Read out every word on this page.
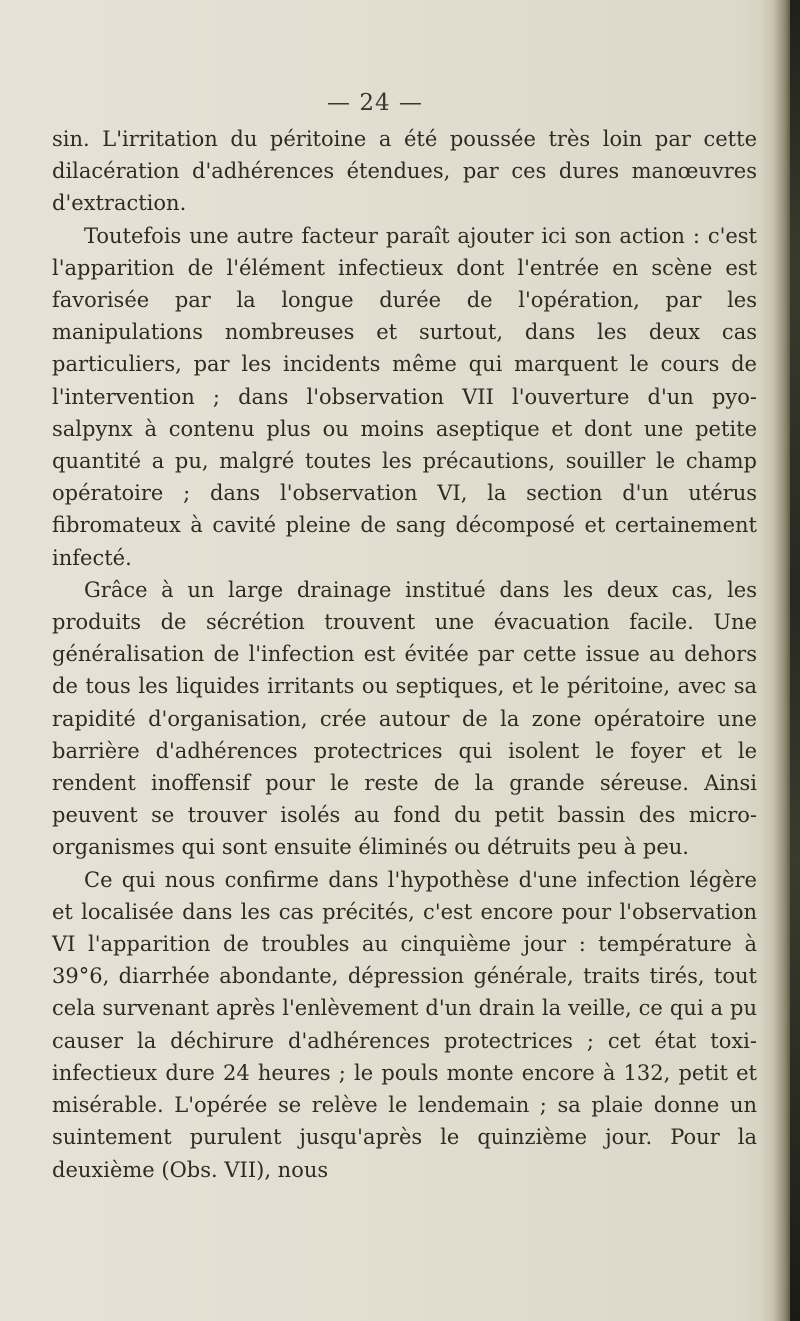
— 24 —

sin. L'irritation du péritoine a été poussée très loin par cette dilacération d'adhérences étendues, par ces dures manœuvres d'extraction.

Toutefois une autre facteur paraît ajouter ici son action : c'est l'apparition de l'élément infectieux dont l'entrée en scène est favorisée par la longue durée de l'opération, par les manipulations nombreuses et surtout, dans les deux cas particuliers, par les incidents même qui marquent le cours de l'intervention ; dans l'observation VII l'ouverture d'un pyo-salpynx à contenu plus ou moins aseptique et dont une petite quantité a pu, malgré toutes les précautions, souiller le champ opératoire ; dans l'observation VI, la section d'un utérus fibromateux à cavité pleine de sang décomposé et certainement infecté.

Grâce à un large drainage institué dans les deux cas, les produits de sécrétion trouvent une évacuation facile. Une généralisation de l'infection est évitée par cette issue au dehors de tous les liquides irritants ou septiques, et le péritoine, avec sa rapidité d'organisation, crée autour de la zone opératoire une barrière d'adhérences protectrices qui isolent le foyer et le rendent inoffensif pour le reste de la grande séreuse. Ainsi peuvent se trouver isolés au fond du petit bassin des micro-organismes qui sont ensuite éliminés ou détruits peu à peu.

Ce qui nous confirme dans l'hypothèse d'une infection légère et localisée dans les cas précités, c'est encore pour l'observation VI l'apparition de troubles au cinquième jour : température à 39°6, diarrhée abondante, dépression générale, traits tirés, tout cela survenant après l'enlèvement d'un drain la veille, ce qui a pu causer la déchirure d'adhérences protectrices ; cet état toxi-infectieux dure 24 heures ; le pouls monte encore à 132, petit et misérable. L'opérée se relève le lendemain ; sa plaie donne un suintement purulent jusqu'après le quinzième jour. Pour la deuxième (Obs. VII), nous
